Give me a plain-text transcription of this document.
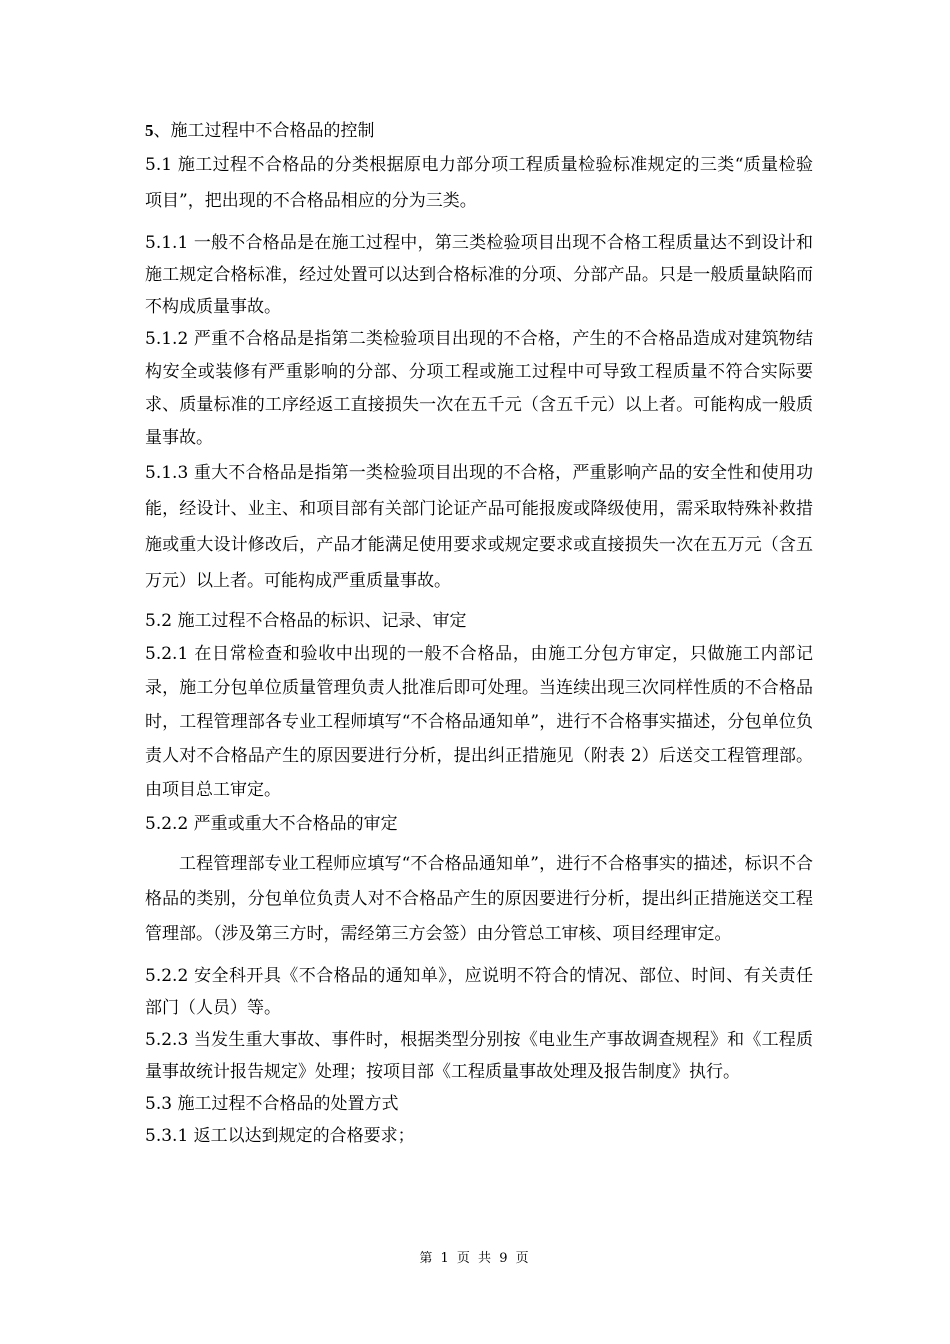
5、施工过程中不合格品的控制

5.1 施工过程不合格品的分类根据原电力部分项工程质量检验标准规定的三类“质量检验项目”，把出现的不合格品相应的分为三类。

5.1.1 一般不合格品是在施工过程中，第三类检验项目出现不合格工程质量达不到设计和施工规定合格标准，经过处置可以达到合格标准的分项、分部产品。只是一般质量缺陷而不构成质量事故。

5.1.2 严重不合格品是指第二类检验项目出现的不合格，产生的不合格品造成对建筑物结构安全或装修有严重影响的分部、分项工程或施工过程中可导致工程质量不符合实际要求、质量标准的工序经返工直接损失一次在五千元（含五千元）以上者。可能构成一般质量事故。

5.1.3 重大不合格品是指第一类检验项目出现的不合格，严重影响产品的安全性和使用功能，经设计、业主、和项目部有关部门论证产品可能报废或降级使用，需采取特殊补救措施或重大设计修改后，产品才能满足使用要求或规定要求或直接损失一次在五万元（含五万元）以上者。可能构成严重质量事故。

5.2 施工过程不合格品的标识、记录、审定

5.2.1 在日常检查和验收中出现的一般不合格品，由施工分包方审定，只做施工内部记录，施工分包单位质量管理负责人批准后即可处理。当连续出现三次同样性质的不合格品时，工程管理部各专业工程师填写“不合格品通知单”，进行不合格事实描述，分包单位负责人对不合格品产生的原因要进行分析，提出纠正措施见（附表 2）后送交工程管理部。由项目总工审定。

5.2.2 严重或重大不合格品的审定

工程管理部专业工程师应填写“不合格品通知单”，进行不合格事实的描述，标识不合格品的类别，分包单位负责人对不合格品产生的原因要进行分析，提出纠正措施送交工程管理部。（涉及第三方时，需经第三方会签）由分管总工审核、项目经理审定。

5.2.2 安全科开具《不合格品的通知单》，应说明不符合的情况、部位、时间、有关责任部门（人员）等。

5.2.3 当发生重大事故、事件时，根据类型分别按《电业生产事故调查规程》和《工程质量事故统计报告规定》处理；按项目部《工程质量事故处理及报告制度》执行。

5.3 施工过程不合格品的处置方式

5.3.1 返工以达到规定的合格要求；

第 1 页 共 9 页
